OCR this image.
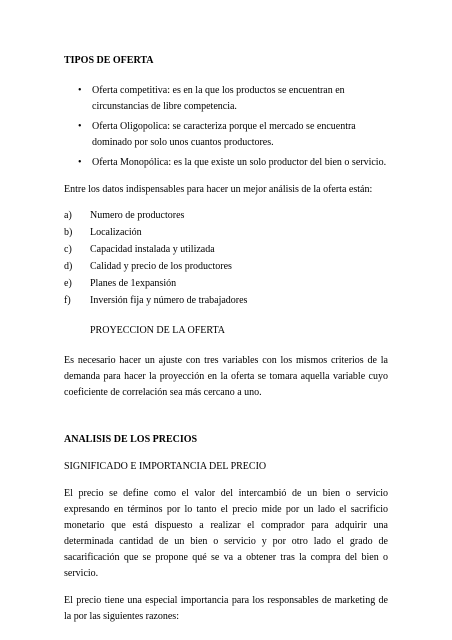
TIPOS DE OFERTA

• Oferta competitiva: es en la que los productos se encuentran en circunstancias de libre competencia.
• Oferta Oligopolica: se caracteriza porque el mercado se encuentra dominado por solo unos cuantos productores.
• Oferta Monopólica: es la que existe un solo productor del bien o servicio.

Entre los datos indispensables para hacer un mejor análisis de la oferta están:

a) Numero de productores
b) Localización
c) Capacidad instalada y utilizada
d) Calidad y precio de los productores
e) Planes de 1expansión
f) Inversión fija y número de trabajadores

PROYECCION DE LA OFERTA

Es necesario hacer un ajuste con tres variables con los mismos criterios de la demanda para hacer la proyección en la oferta se tomara aquella variable cuyo coeficiente de correlación sea más cercano a uno.

ANALISIS DE LOS PRECIOS

SIGNIFICADO E IMPORTANCIA DEL PRECIO

El precio se define como el valor del intercambió de un bien o servicio expresando en términos por lo tanto el precio mide por un lado el sacrificio monetario que está dispuesto a realizar el comprador para adquirir una determinada cantidad de un bien o servicio y por otro lado el grado de sacarificación que se propone qué se va a obtener tras la compra del bien o servicio.

El precio tiene una especial importancia para los responsables de marketing de la por las siguientes razones:
